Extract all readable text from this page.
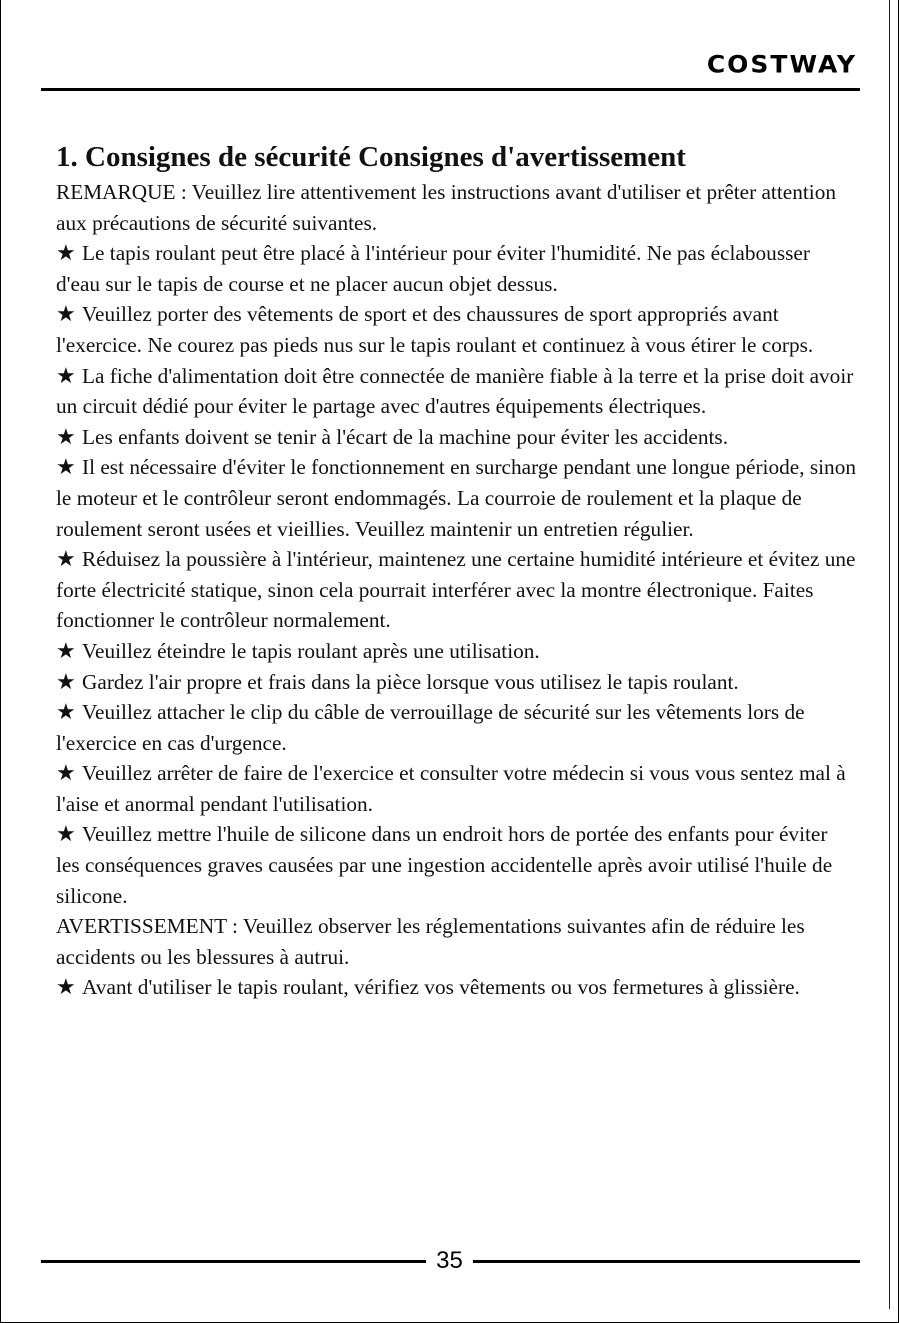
COSTWAY
1. Consignes de sécurité Consignes d'avertissement

REMARQUE : Veuillez lire attentivement les instructions avant d'utiliser et prêter attention aux précautions de sécurité suivantes.

★ Le tapis roulant peut être placé à l'intérieur pour éviter l'humidité. Ne pas éclabousser d'eau sur le tapis de course et ne placer aucun objet dessus.

★ Veuillez porter des vêtements de sport et des chaussures de sport appropriés avant l'exercice. Ne courez pas pieds nus sur le tapis roulant et continuez à vous étirer le corps.

★ La fiche d'alimentation doit être connectée de manière fiable à la terre et la prise doit avoir un circuit dédié pour éviter le partage avec d'autres équipements électriques.

★ Les enfants doivent se tenir à l'écart de la machine pour éviter les accidents.

★ Il est nécessaire d'éviter le fonctionnement en surcharge pendant une longue période, sinon le moteur et le contrôleur seront endommagés. La courroie de roulement et la plaque de roulement seront usées et vieillies. Veuillez maintenir un entretien régulier.

★ Réduisez la poussière à l'intérieur, maintenez une certaine humidité intérieure et évitez une forte électricité statique, sinon cela pourrait interférer avec la montre électronique. Faites fonctionner le contrôleur normalement.

★ Veuillez éteindre le tapis roulant après une utilisation.

★ Gardez l'air propre et frais dans la pièce lorsque vous utilisez le tapis roulant.

★ Veuillez attacher le clip du câble de verrouillage de sécurité sur les vêtements lors de l'exercice en cas d'urgence.

★ Veuillez arrêter de faire de l'exercice et consulter votre médecin si vous vous sentez mal à l'aise et anormal pendant l'utilisation.

★ Veuillez mettre l'huile de silicone dans un endroit hors de portée des enfants pour éviter les conséquences graves causées par une ingestion accidentelle après avoir utilisé l'huile de silicone.

AVERTISSEMENT : Veuillez observer les réglementations suivantes afin de réduire les accidents ou les blessures à autrui.

★ Avant d'utiliser le tapis roulant, vérifiez vos vêtements ou vos fermetures à glissière.

35
